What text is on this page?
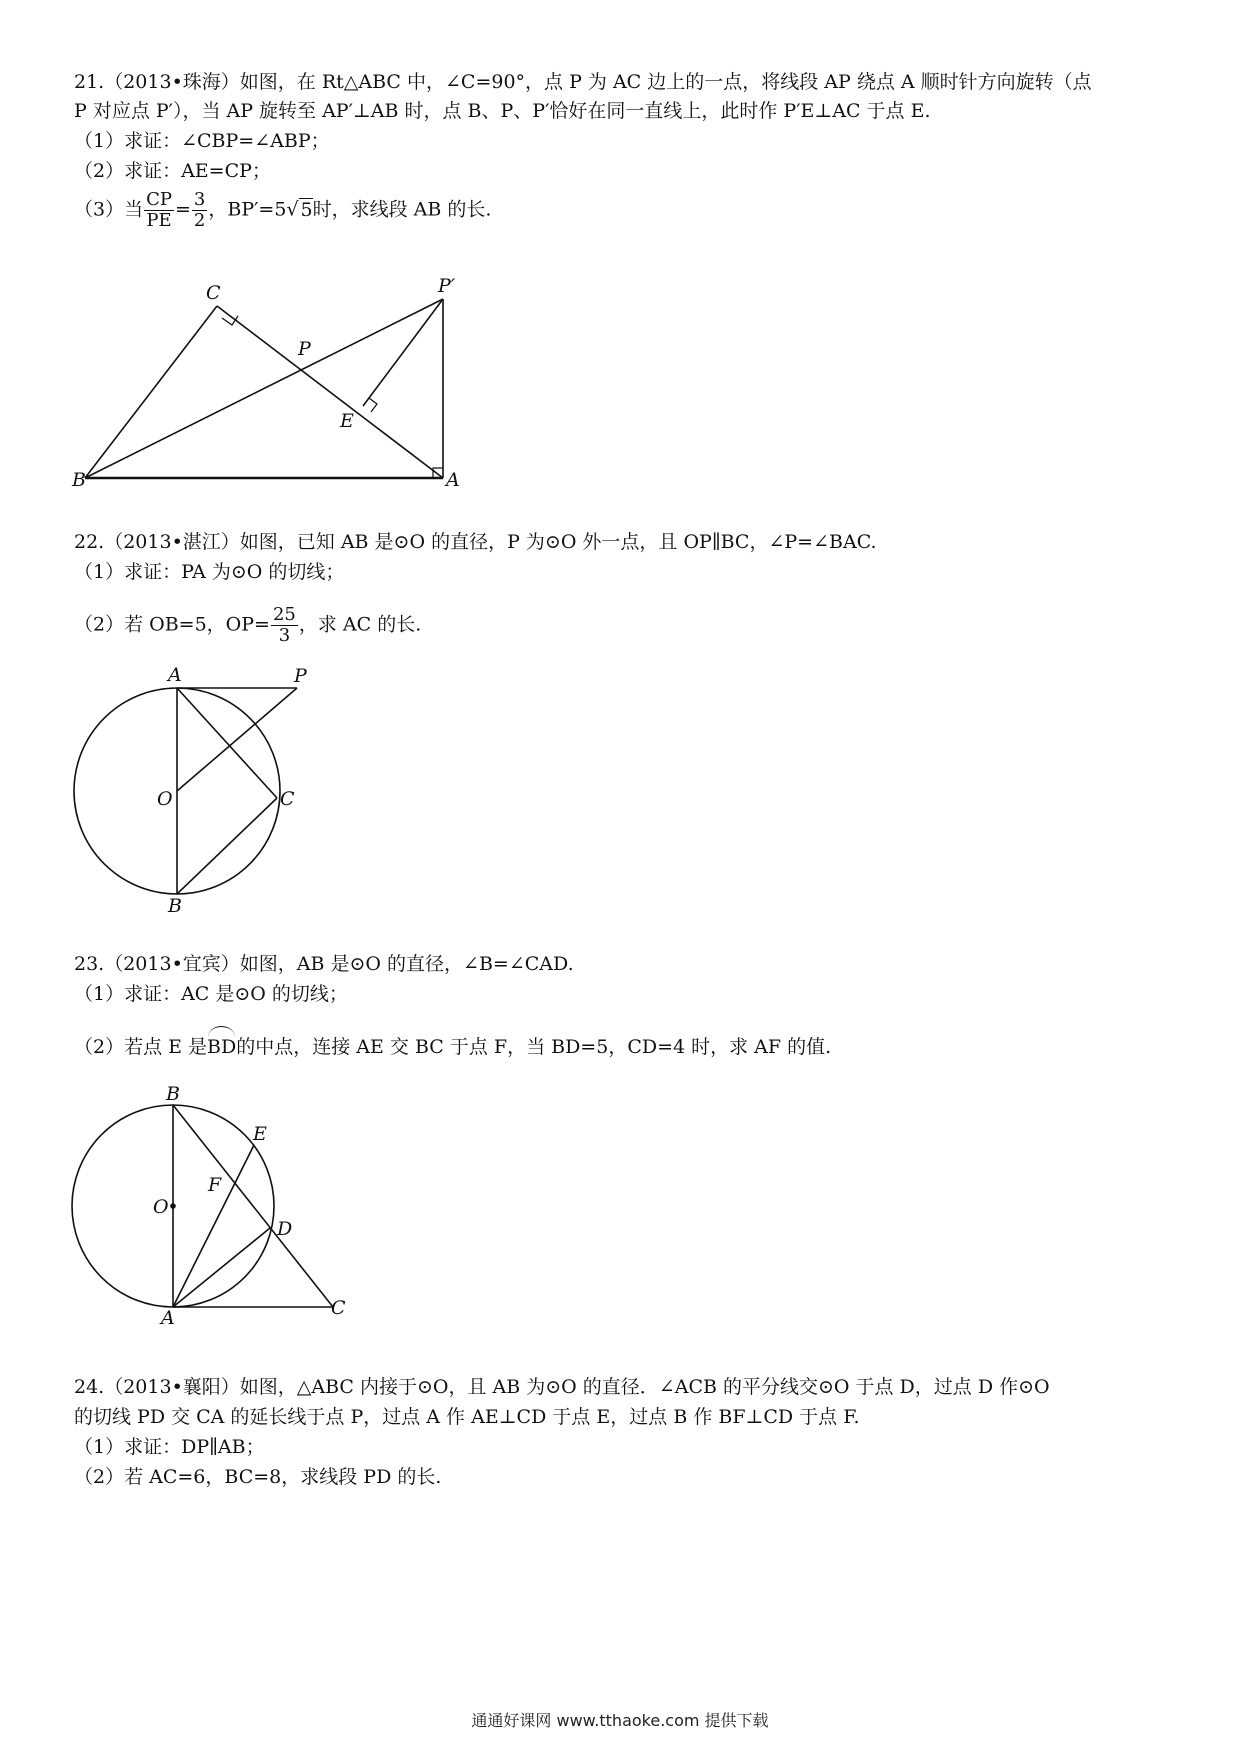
21.（2013•珠海）如图，在 Rt△ABC 中，∠C=90°，点 P 为 AC 边上的一点，将线段 AP 绕点 A 顺时针方向旋转（点
P 对应点 P′），当 AP 旋转至 AP′⊥AB 时，点 B、P、P′恰好在同一直线上，此时作 P′E⊥AC 于点 E.
（1）求证：∠CBP=∠ABP；
（2）求证：AE=CP；
（3）当 $\frac{CP}{PE} = \frac{3}{2}$ ，BP′=5√ 5时，求线段 AB 的长.
C	P′
P
E
B	A
22.（2013•湛江）如图，已知 AB 是⊙O 的直径，P 为⊙O 外一点，且 OP∥BC，∠P=∠BAC.
（1）求证：PA 为⊙O 的切线；
（2）若 OB=5，$OP= \frac{25}{3}$ ，求 AC 的长.
A	P
O	C
B
23.（2013•宜宾）如图，AB 是⊙O 的直径，∠B=∠CAD.
（1）求证：AC 是⊙O 的切线；
（2）若点 E 是BD的中点，连接 AE 交 BC 于点 F，当 BD=5，CD=4 时，求 AF 的值.
B
E
F
O
D
A	C
24.（2013•襄阳）如图，△ABC 内接于⊙O，且 AB 为⊙O 的直径．∠ACB 的平分线交⊙O 于点 D，过点 D 作⊙O
的切线 PD 交 CA 的延长线于点 P，过点 A 作 AE⊥CD 于点 E，过点 B 作 BF⊥CD 于点 F.
（1）求证：DP∥AB；
（2）若 AC=6，BC=8，求线段 PD 的长.
通通好课网 www.tthaoke.com 提供下载
